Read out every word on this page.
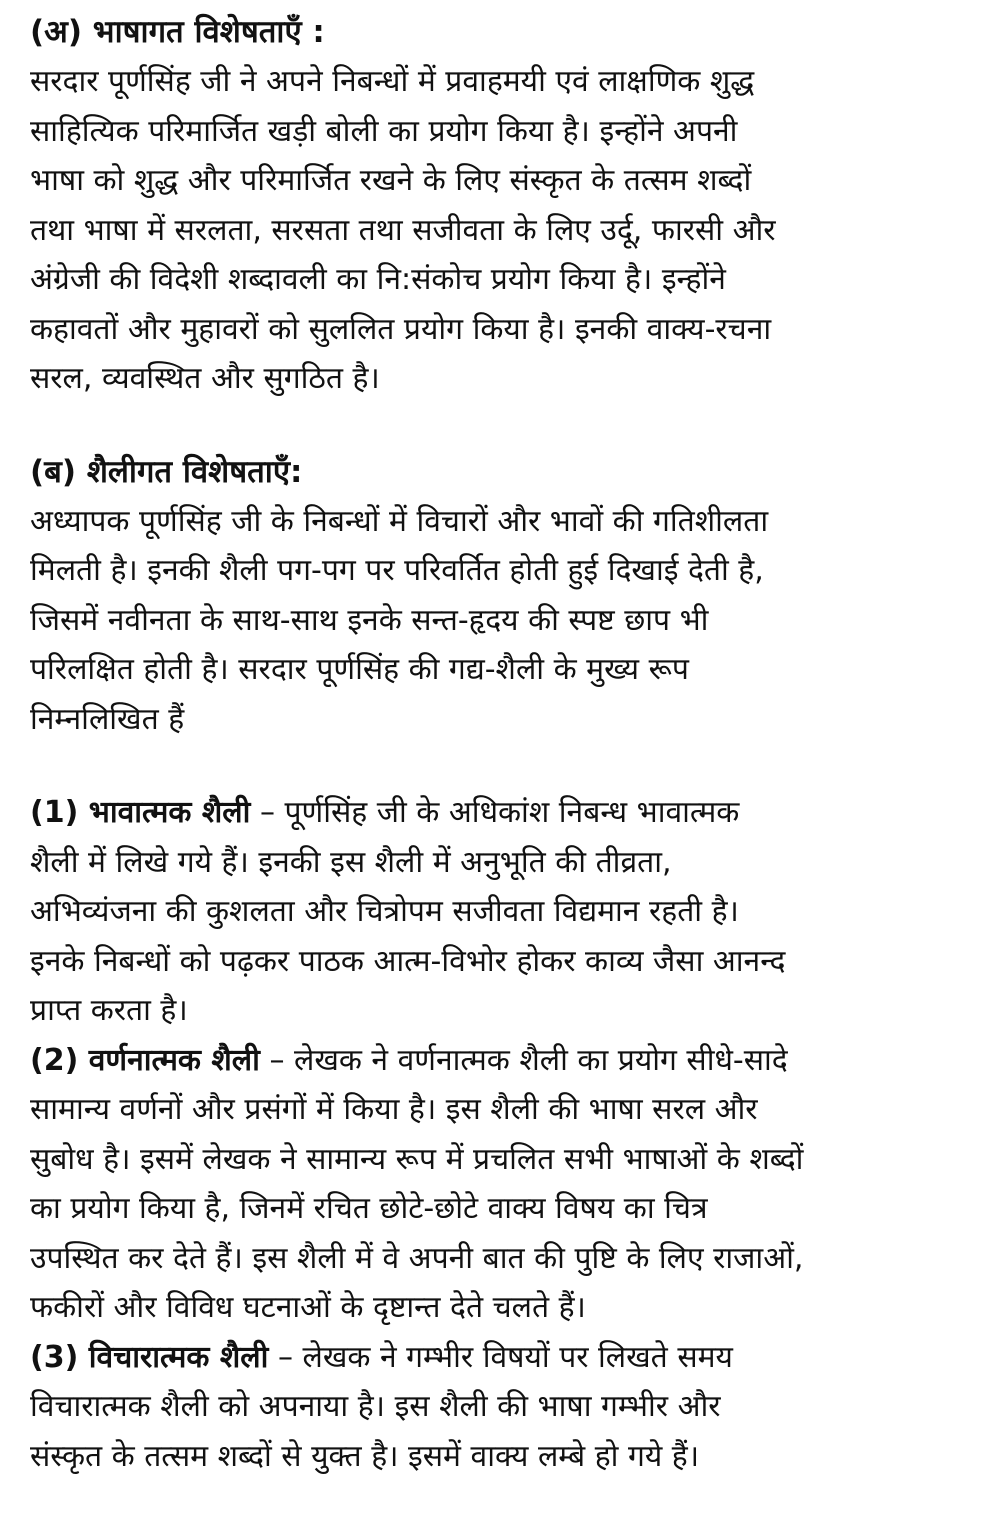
(अ) भाषागत विशेषताएँ :

सरदार पूर्णसिंह जी ने अपने निबन्धों में प्रवाहमयी एवं लाक्षणिक शुद्ध
साहित्यिक परिमार्जित खड़ी बोली का प्रयोग किया है। इन्होंने अपनी
भाषा को शुद्ध और परिमार्जित रखने के लिए संस्कृत के तत्सम शब्दों
तथा भाषा में सरलता, सरसता तथा सजीवता के लिए उर्दू, फारसी और
अंग्रेजी की विदेशी शब्दावली का नि:संकोच प्रयोग किया है। इन्होंने
कहावतों और मुहावरों को सुललित प्रयोग किया है। इनकी वाक्य-रचना
सरल, व्यवस्थित और सुगठित है।

(ब) शैलीगत विशेषताएँ:

अध्यापक पूर्णसिंह जी के निबन्धों में विचारों और भावों की गतिशीलता
मिलती है। इनकी शैली पग-पग पर परिवर्तित होती हुई दिखाई देती है,
जिसमें नवीनता के साथ-साथ इनके सन्त-हृदय की स्पष्ट छाप भी
परिलक्षित होती है। सरदार पूर्णसिंह की गद्य-शैली के मुख्य रूप
निम्नलिखित हैं
(1) भावात्मक शैली – पूर्णसिंह जी के अधिकांश निबन्ध भावात्मक
शैली में लिखे गये हैं। इनकी इस शैली में अनुभूति की तीव्रता,
अभिव्यंजना की कुशलता और चित्रोपम सजीवता विद्यमान रहती है।
इनके निबन्धों को पढ़कर पाठक आत्म-विभोर होकर काव्य जैसा आनन्द
प्राप्त करता है।
(2) वर्णनात्मक शैली – लेखक ने वर्णनात्मक शैली का प्रयोग सीधे-सादे
सामान्य वर्णनों और प्रसंगों में किया है। इस शैली की भाषा सरल और
सुबोध है। इसमें लेखक ने सामान्य रूप में प्रचलित सभी भाषाओं के शब्दों
का प्रयोग किया है, जिनमें रचित छोटे-छोटे वाक्य विषय का चित्र
उपस्थित कर देते हैं। इस शैली में वे अपनी बात की पुष्टि के लिए राजाओं,
फकीरों और विविध घटनाओं के दृष्टान्त देते चलते हैं।
(3) विचारात्मक शैली – लेखक ने गम्भीर विषयों पर लिखते समय
विचारात्मक शैली को अपनाया है। इस शैली की भाषा गम्भीर और
संस्कृत के तत्सम शब्दों से युक्त है। इसमें वाक्य लम्बे हो गये हैं।
